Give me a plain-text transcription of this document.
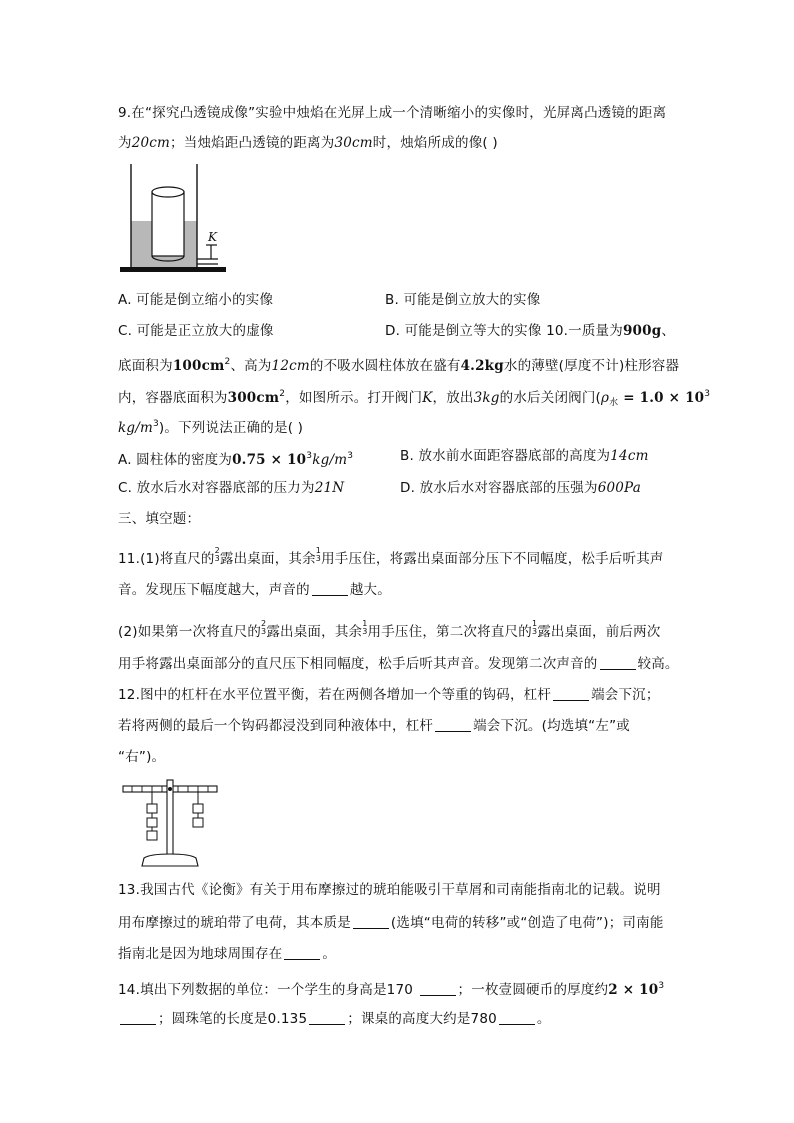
9.在“探究凸透镜成像”实验中烛焰在光屏上成一个清晰缩小的实像时，光屏离凸透镜的距离
为20cm；当烛焰距凸透镜的距离为30cm时，烛焰所成的像( )
K
A. 可能是倒立缩小的实像	B. 可能是倒立放大的实像
C. 可能是正立放大的虚像	D. 可能是倒立等大的实像 10.一质量为900g、
底面积为$100cm^2$、高为12cm的不吸水圆柱体放在盛有4.2kg水的薄壁(厚度不计)柱形容器
内，容器底面积为$300cm^2$，如图所示。打开阀门K，放出3kg的水后关闭阀门($\rho_水 = 1.0 \times 10^3$
$kg/m^3$)。下列说法正确的是( )
A. 圆柱体的密度为$0.75 \times 10^3kg/m^3$	B. 放水前水面距容器底部的高度为14cm
C. 放水后水对容器底部的压力为21N	D. 放水后水对容器底部的压强为600Pa
三、填空题：
11.(1)将直尺的2
3露出桌面，其余1
3用手压住，将露出桌面部分压下不同幅度，松手后听其声
音。发现压下幅度越大，声音的	越大。
(2)如果第一次将直尺的2
3露出桌面，其余1
3用手压住，第二次将直尺的1
3露出桌面，前后两次
用手将露出桌面部分的直尺压下相同幅度，松手后听其声音。发现第二次声音的	较高。
12.图中的杠杆在水平位置平衡，若在两侧各增加一个等重的钩码，杠杆	端会下沉；
若将两侧的最后一个钩码都浸没到同种液体中，杠杆	端会下沉。(均选填“左”或
“右”)。
13.我国古代《论衡》有关于用布摩擦过的琥珀能吸引干草屑和司南能指南北的记载。说明
用布摩擦过的琥珀带了电荷，其本质是	(选填“电荷的转移”或“创造了电荷”)；司南能
指南北是因为地球周围存在	。
14.填出下列数据的单位：一个学生的身高是170	；一枚壹圆硬币的厚度约$2 \times 10^3$
；圆珠笔的长度是0.135	；课桌的高度大约是780	。
